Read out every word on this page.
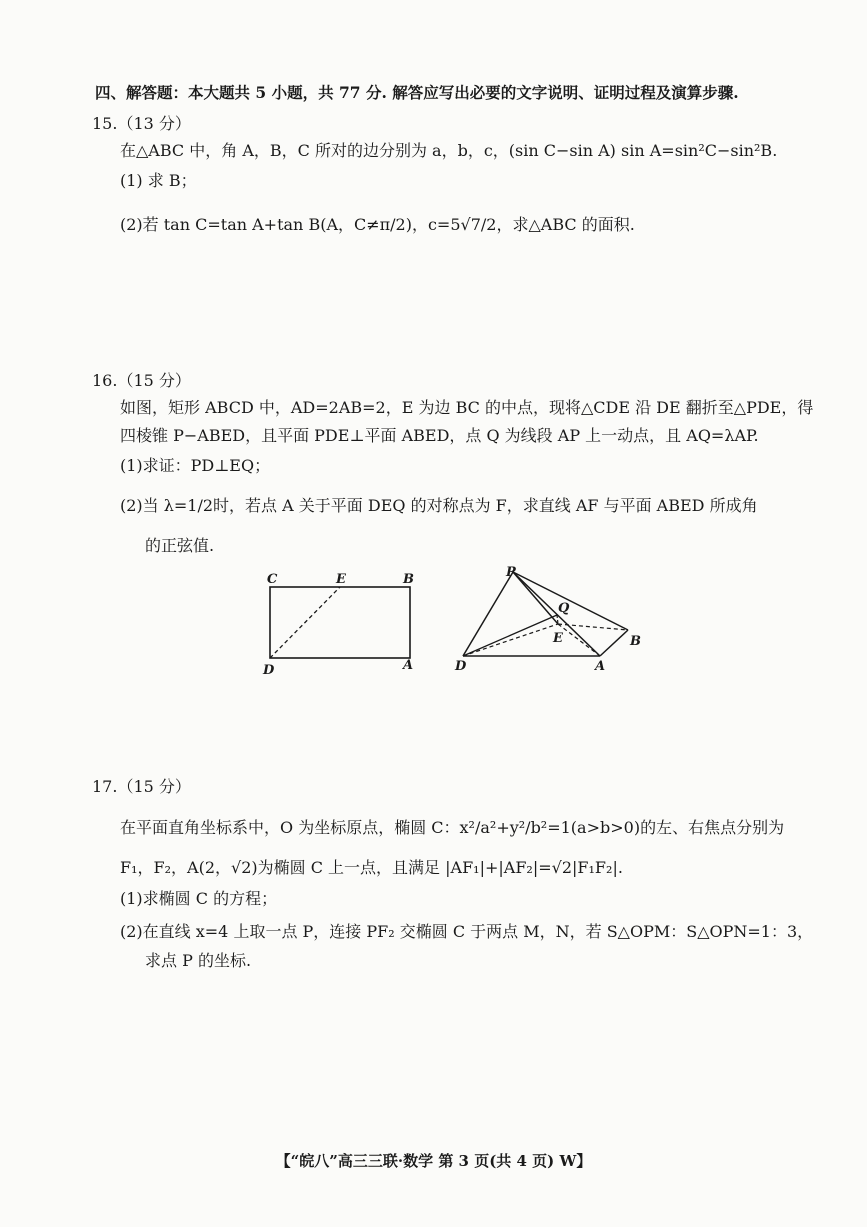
四、解答题：本大题共 5 小题，共 77 分. 解答应写出必要的文字说明、证明过程及演算步骤.
15.（13 分）
在△ABC 中，角 A，B，C 所对的边分别为 a，b，c，(sin C−sin A) sin A=sin²C−sin²B.
(1) 求 B；
(2)若 tan C=tan A+tan B(A，C≠π/2)，c=5√7/2，求△ABC 的面积.
16.（15 分）
如图，矩形 ABCD 中，AD=2AB=2，E 为边 BC 的中点，现将△CDE 沿 DE 翻折至△PDE，得
四棱锥 P−ABED，且平面 PDE⊥平面 ABED，点 Q 为线段 AP 上一动点，且 AQ=λAP.
(1)求证：PD⊥EQ；
(2)当 λ=1/2时，若点 A 关于平面 DEQ 的对称点为 F，求直线 AF 与平面 ABED 所成角
的正弦值.
C	E	B
D	A
P
Q
E	B
D	A
17.（15 分）
在平面直角坐标系中，O 为坐标原点，椭圆 C：x²/a²+y²/b²=1(a>b>0)的左、右焦点分别为
F₁，F₂，A(2，√2)为椭圆 C 上一点，且满足 |AF₁|+|AF₂|=√2|F₁F₂|.
(1)求椭圆 C 的方程；
(2)在直线 x=4 上取一点 P，连接 PF₂ 交椭圆 C 于两点 M，N，若 S△OPM：S△OPN=1：3，
求点 P 的坐标.
【“皖八”高三三联·数学 第 3 页(共 4 页) W】
